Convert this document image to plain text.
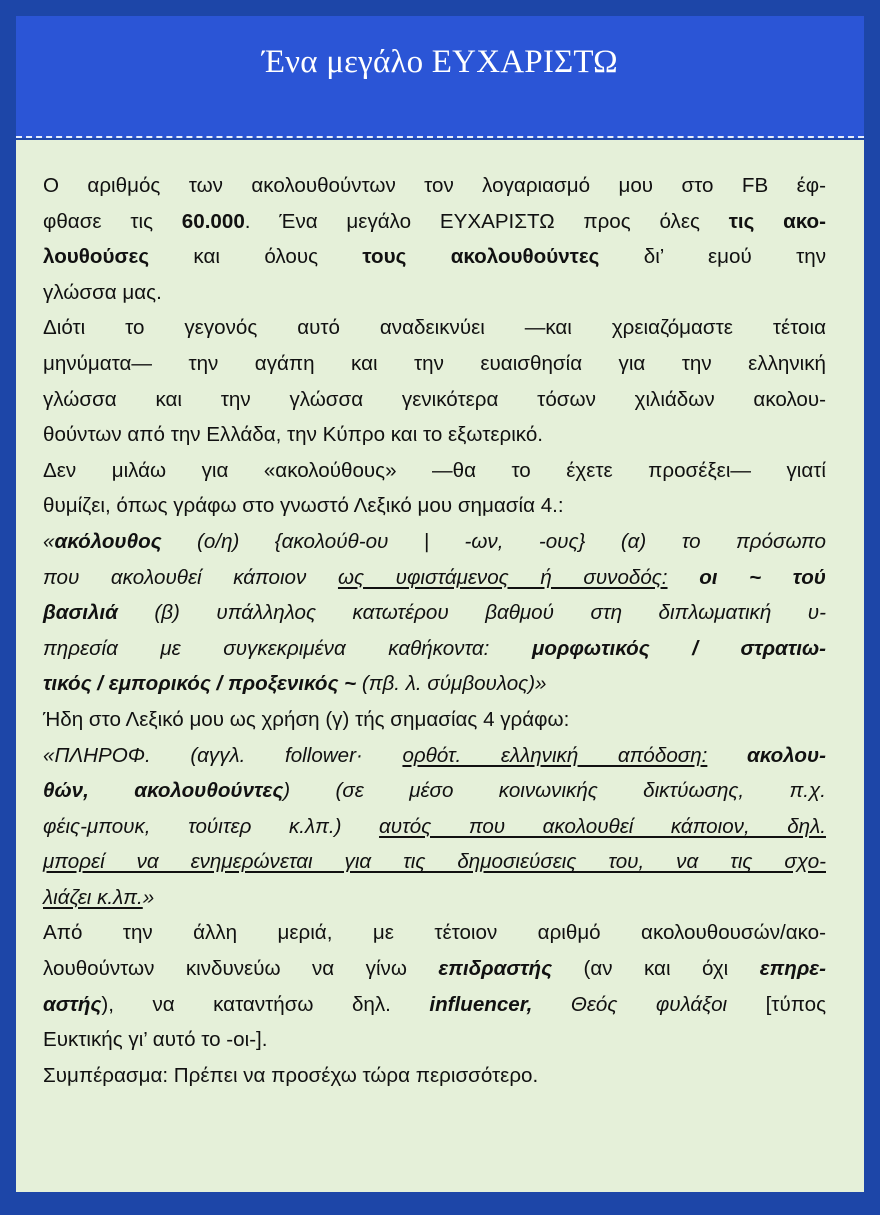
Ένα μεγάλο ΕΥΧΑΡΙΣΤΩ

Ο αριθμός των ακολουθούντων τον λογαριασμό μου στο FB έφ-
φθασε τις 60.000. Ένα μεγάλο ΕΥΧΑΡΙΣΤΩ προς όλες τις ακο-
λουθούσες και όλους τους ακολουθούντες δι’ εμού την
γλώσσα μας.

Διότι το γεγονός αυτό αναδεικνύει —και χρειαζόμαστε τέτοια
μηνύματα— την αγάπη και την ευαισθησία για την ελληνική
γλώσσα και την γλώσσα γενικότερα τόσων χιλιάδων ακολου-
θούντων από την Ελλάδα, την Κύπρο και το εξωτερικό.

Δεν μιλάω για «ακολούθους» —θα το έχετε προσέξει— γιατί
θυμίζει, όπως γράφω στο γνωστό Λεξικό μου σημασία 4.:
«ακόλουθος (ο/η) {ακολούθ-ου | -ων, -ους} (α) το πρόσωπο
που ακολουθεί κάποιον ως υφιστάμενος ή συνοδός: οι ~ τού
βασιλιά (β) υπάλληλος κατωτέρου βαθμού στη διπλωματική υ-
πηρεσία με συγκεκριμένα καθήκοντα: μορφωτικός / στρατιω-
τικός / εμπορικός / προξενικός ~ (πβ. λ. σύμβουλος)»

Ήδη στο Λεξικό μου ως χρήση (γ) τής σημασίας 4 γράφω:
«ΠΛΗΡΟΦ. (αγγλ. follower· ορθότ. ελληνική απόδοση: ακολου-
θών, ακολουθούντες) (σε μέσο κοινωνικής δικτύωσης, π.χ.
φέις-μπουκ, τούιτερ κ.λπ.) αυτός που ακολουθεί κάποιον, δηλ.
μπορεί να ενημερώνεται για τις δημοσιεύσεις του, να τις σχο-
λιάζει κ.λπ.»

Από την άλλη μεριά, με τέτοιον αριθμό ακολουθουσών/ακο-
λουθούντων κινδυνεύω να γίνω επιδραστής (αν και όχι επηρε-
αστής), να καταντήσω δηλ. influencer, Θεός φυλάξοι [τύπος
Ευκτικής γι’ αυτό το -οι-].

Συμπέρασμα: Πρέπει να προσέχω τώρα περισσότερο.
